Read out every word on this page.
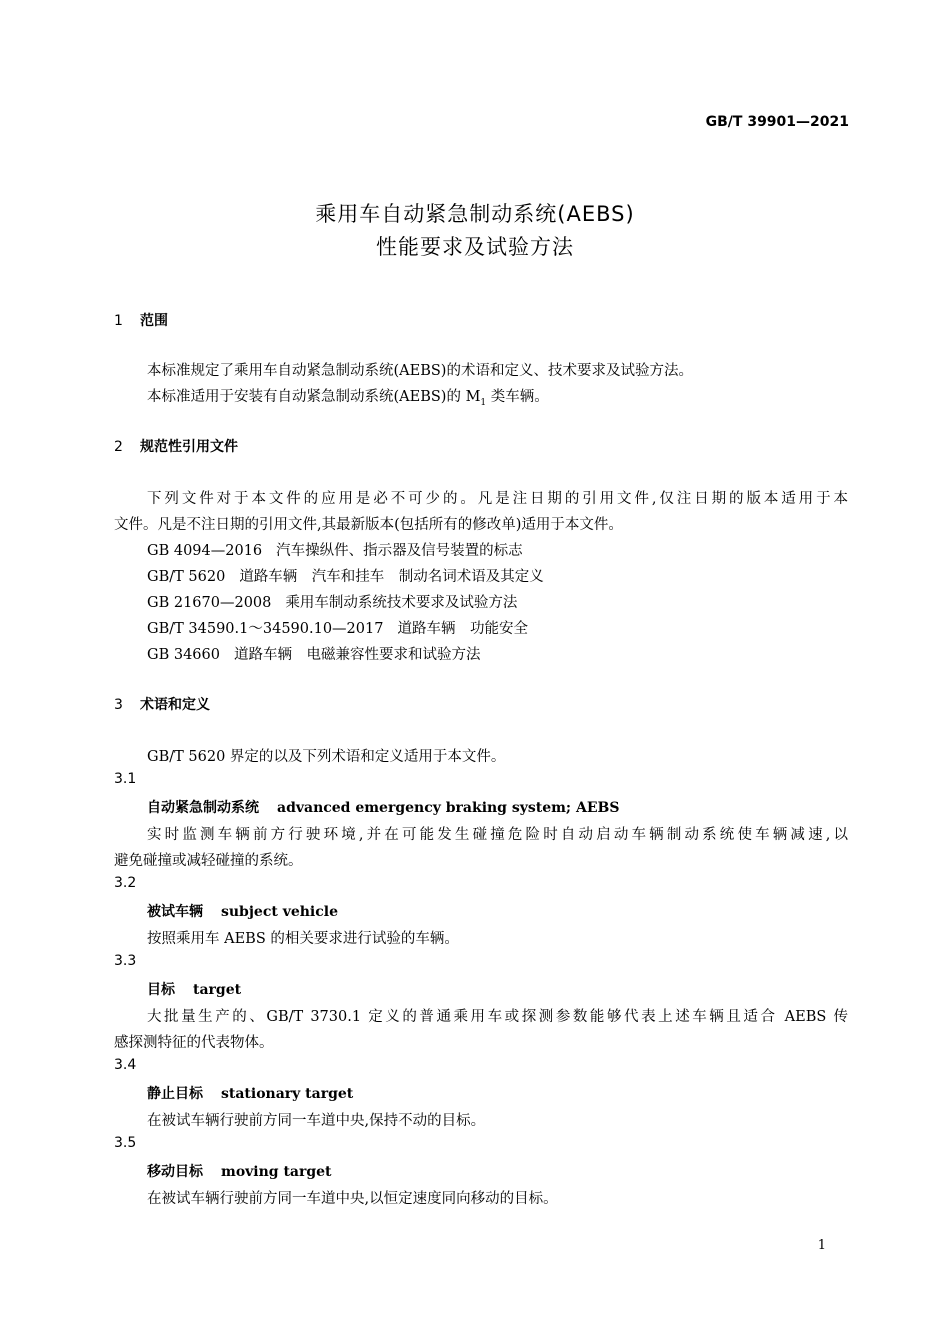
GB/T 39901—2021
乘用车自动紧急制动系统(AEBS)
性能要求及试验方法
1 范围
本标准规定了乘用车自动紧急制动系统(AEBS)的术语和定义、技术要求及试验方法。
本标准适用于安装有自动紧急制动系统(AEBS)的 $M_1$ 类车辆。
2 规范性引用文件
下列文件对于本文件的应用是必不可少的。凡是注日期的引用文件,仅注日期的版本适用于本
文件。凡是不注日期的引用文件,其最新版本(包括所有的修改单)适用于本文件。
GB 4094—2016 汽车操纵件、指示器及信号装置的标志
GB/T 5620 道路车辆　汽车和挂车　制动名词术语及其定义
GB 21670—2008 乘用车制动系统技术要求及试验方法
GB/T 34590.1～34590.10—2017 道路车辆　功能安全
GB 34660 道路车辆　电磁兼容性要求和试验方法
3 术语和定义
GB/T 5620 界定的以及下列术语和定义适用于本文件。
3.1
自动紧急制动系统 advanced emergency braking system; AEBS
实时监测车辆前方行驶环境,并在可能发生碰撞危险时自动启动车辆制动系统使车辆减速,以
避免碰撞或减轻碰撞的系统。
3.2
被试车辆 subject vehicle
按照乘用车 AEBS 的相关要求进行试验的车辆。
3.3
目标 target
大批量生产的、GB/T 3730.1 定义的普通乘用车或探测参数能够代表上述车辆且适合 AEBS 传
感探测特征的代表物体。
3.4
静止目标 stationary target
在被试车辆行驶前方同一车道中央,保持不动的目标。
3.5
移动目标 moving target
在被试车辆行驶前方同一车道中央,以恒定速度同向移动的目标。
1
